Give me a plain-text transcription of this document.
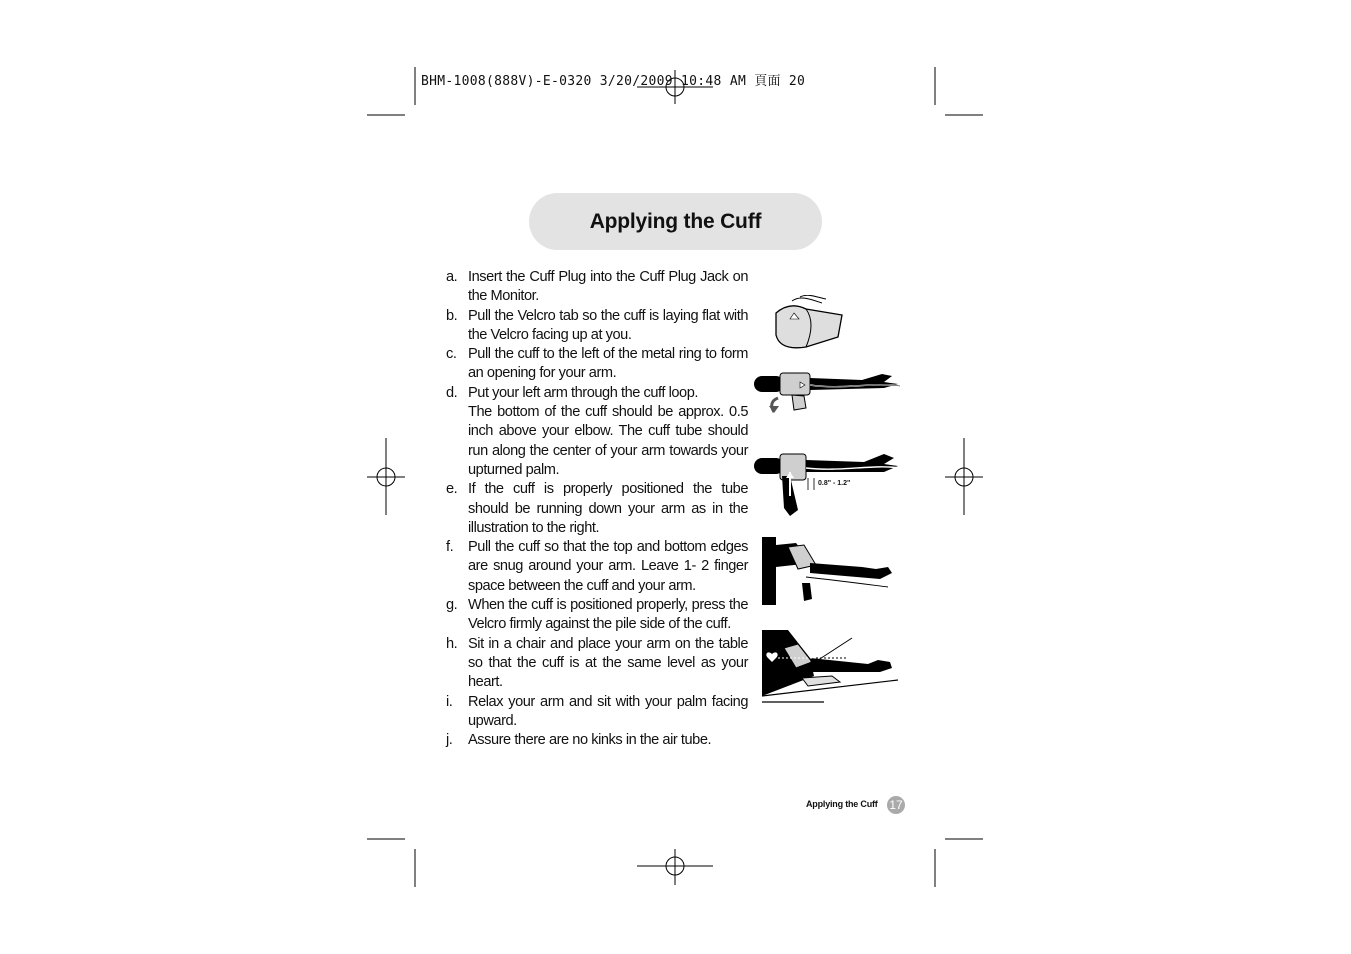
BHM-1008(888V)-E-0320 3/20/2009 10:48 AM 頁面 20
Applying the Cuff
a. Insert the Cuff Plug into the Cuff Plug Jack on the Monitor.
b. Pull the Velcro tab so the cuff is laying flat with the Velcro facing up at you.
c. Pull the cuff to the left of the metal ring to form an opening for your arm.
d. Put your left arm through the cuff loop.
The bottom of the cuff should be approx. 0.5 inch above your elbow. The cuff tube should run along the center of your arm towards your upturned palm.
e. If the cuff is properly positioned the tube should be running down your arm as in the illustration to the right.
f.	Pull the cuff so that the top and bottom edges are snug around your arm. Leave 1- 2 finger space between the cuff and your arm.
g. When the cuff is positioned properly, press the Velcro firmly against the pile side of the cuff.
h. Sit in a chair and place your arm on the table so that the cuff is at the same level as your heart.
i.	Relax your arm and sit with your palm facing upward.
j.	Assure there are no kinks in the air tube.
0.8" - 1.2"
Applying the Cuff 17
